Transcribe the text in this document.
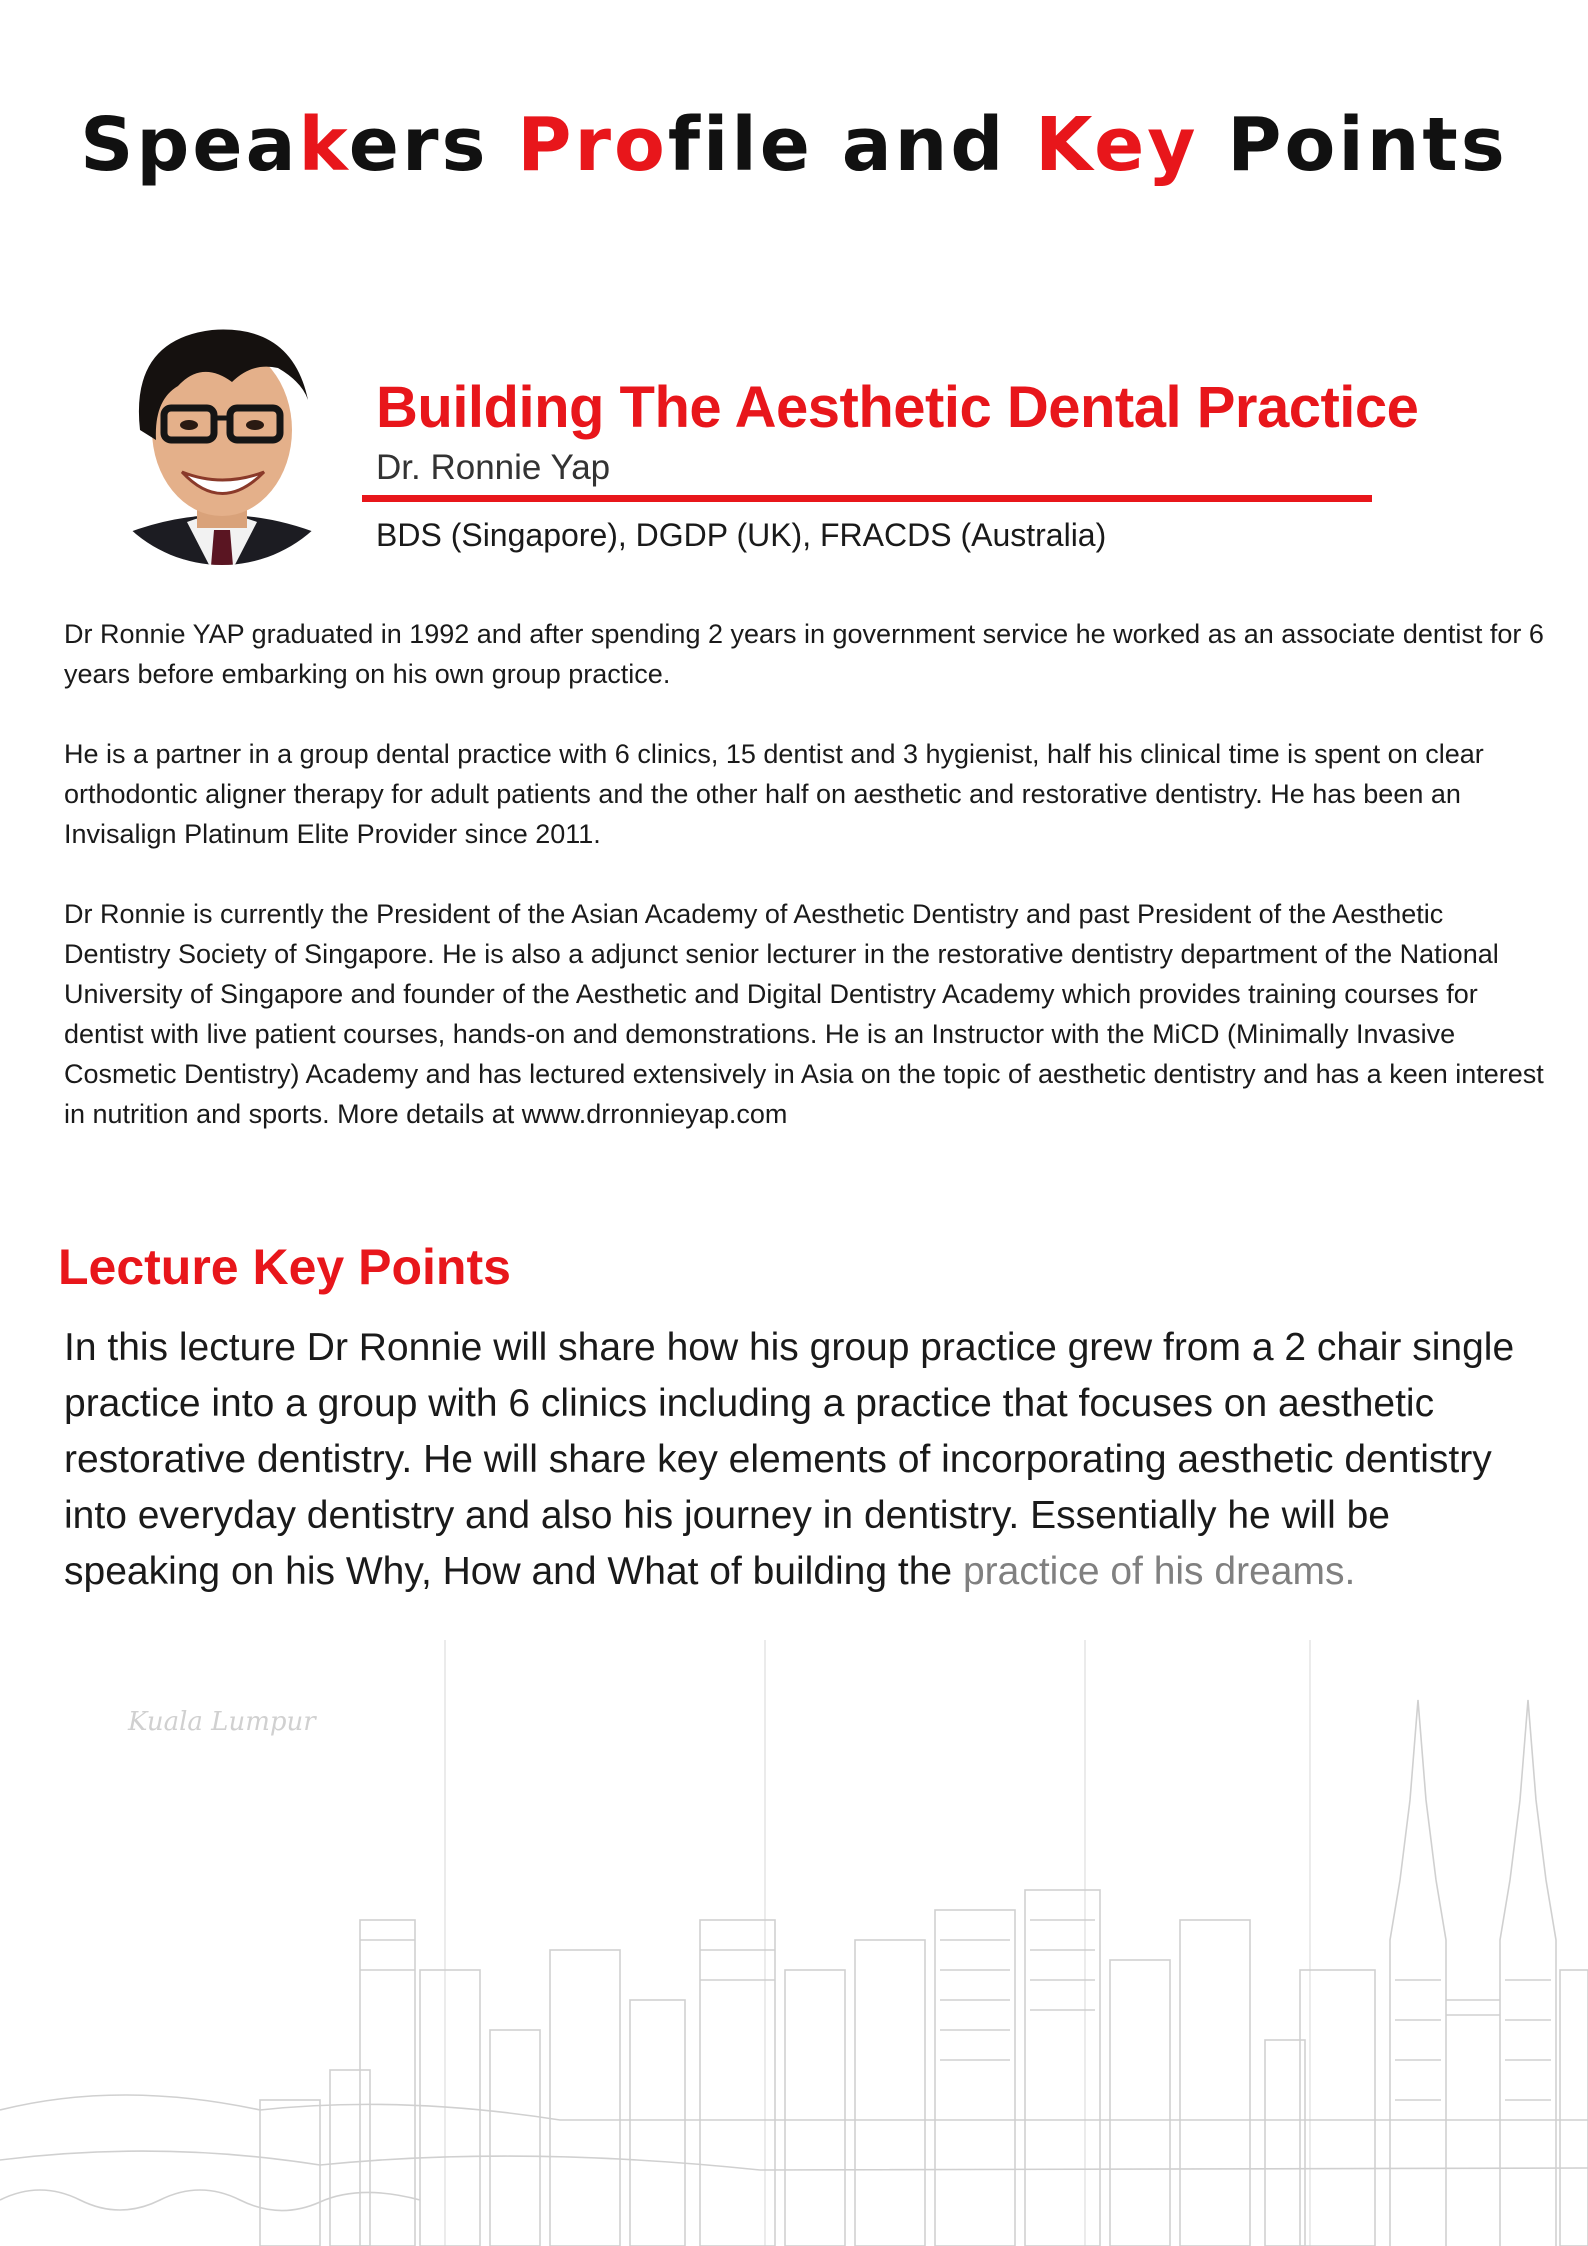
Speakers Profile and Key Points
Building The Aesthetic Dental Practice
Dr. Ronnie Yap
BDS (Singapore), DGDP (UK), FRACDS (Australia)

Dr Ronnie YAP graduated in 1992 and after spending 2 years in government service he worked as an associate dentist for 6 years before embarking on his own group practice.

He is a partner in a group dental practice with 6 clinics, 15 dentist and 3 hygienist, half his clinical time is spent on clear orthodontic aligner therapy for adult patients and the other half on aesthetic and restorative dentistry. He has been an Invisalign Platinum Elite Provider since 2011.

Dr Ronnie is currently the President of the Asian Academy of Aesthetic Dentistry and past President of the Aesthetic Dentistry Society of Singapore. He is also a adjunct senior lecturer in the restorative dentistry department of the National University of Singapore and founder of the Aesthetic and Digital Dentistry Academy which provides training courses for dentist with live patient courses, hands-on and demonstrations. He is an Instructor with the MiCD (Minimally Invasive Cosmetic Dentistry) Academy and has lectured extensively in Asia on the topic of aesthetic dentistry and has a keen interest in nutrition and sports. More details at www.drronnieyap.com

Lecture Key Points

In this lecture Dr Ronnie will share how his group practice grew from a 2 chair single practice into a group with 6 clinics including a practice that focuses on aesthetic restorative dentistry. He will share key elements of incorporating aesthetic dentistry into everyday dentistry and also his journey in dentistry. Essentially he will be speaking on his Why, How and What of building the practice of his dreams.

Kuala Lumpur
